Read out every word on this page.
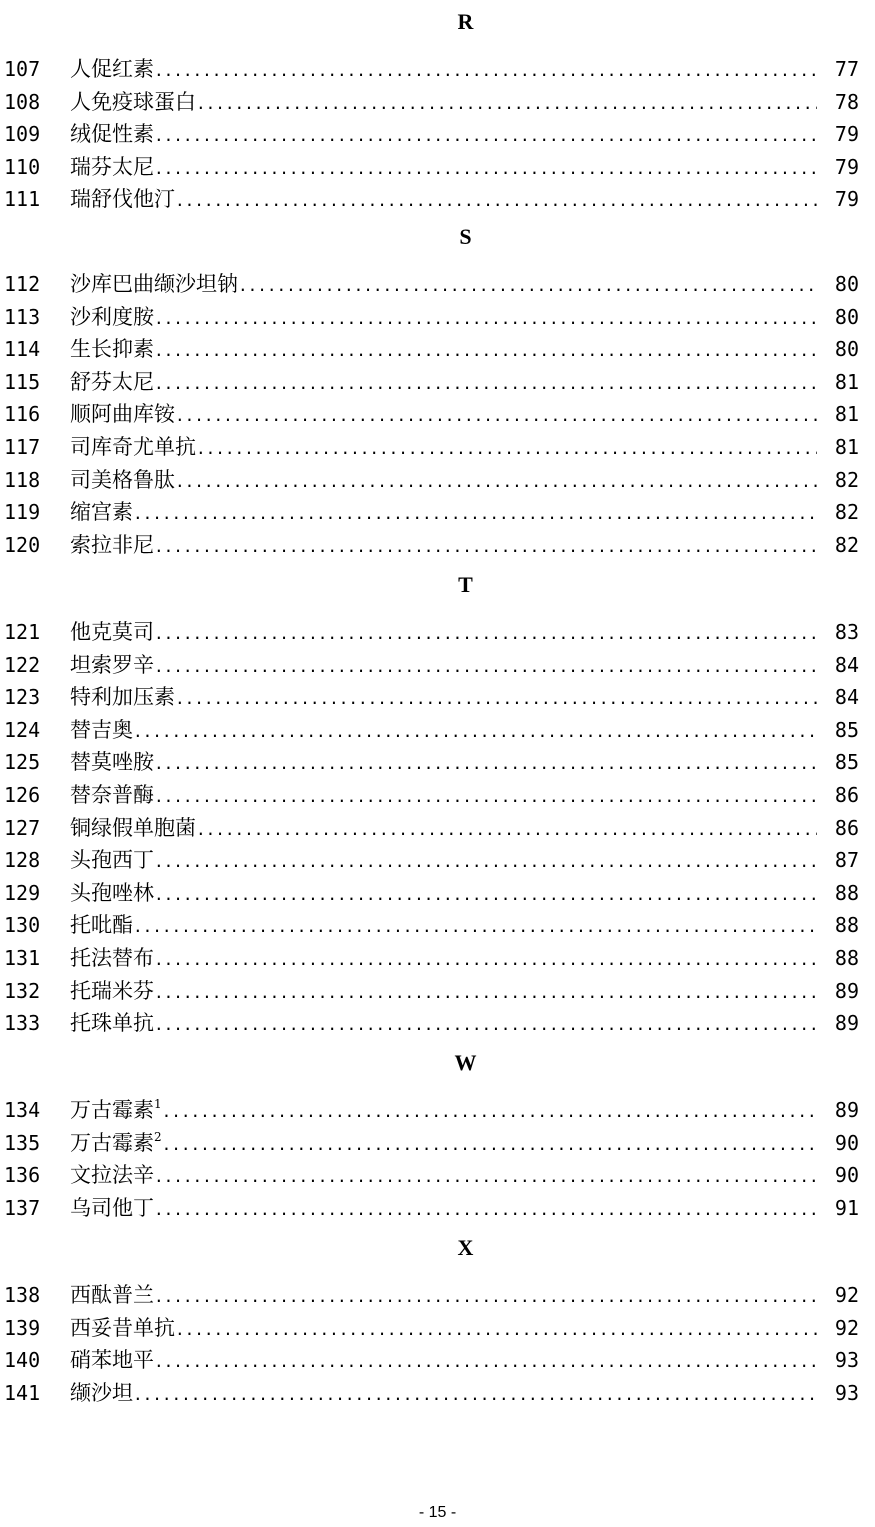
R
107 人促红素 .....	77
108 人免疫球蛋白 .....	78
109 绒促性素 .....	79
110 瑞芬太尼 .....	79
111 瑞舒伐他汀 .....	79
S
112 沙库巴曲缬沙坦钠 .....	80
113 沙利度胺 .....	80
114 生长抑素 .....	80
115 舒芬太尼 .....	81
116 顺阿曲库铵 .....	81
117 司库奇尤单抗 .....	81
118 司美格鲁肽 .....	82
119 缩宫素 .....	82
120 索拉非尼 .....	82
T
121 他克莫司 .....	83
122 坦索罗辛 .....	84
123 特利加压素 .....	84
124 替吉奥 .....	85
125 替莫唑胺 .....	85
126 替奈普酶 .....	86
127 铜绿假单胞菌 .....	86
128 头孢西丁 .....	87
129 头孢唑林 .....	88
130 托吡酯 .....	88
131 托法替布 .....	88
132 托瑞米芬 .....	89
133 托珠单抗 .....	89
W
134 万古霉素$^1$ .....	89
135 万古霉素$^2$ .....	90
136 文拉法辛 .....	90
137 乌司他丁 .....	91
X
138 西酞普兰 .....	92
139 西妥昔单抗 .....	92
140 硝苯地平 .....	93
141 缬沙坦 .....	93
- 15 -
